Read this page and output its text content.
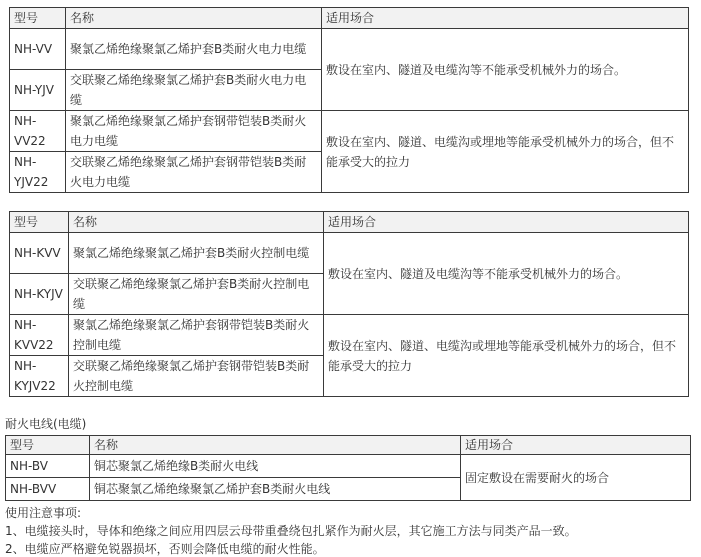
型号	名称	适用场合
NH-VV	聚氯乙烯绝缘聚氯乙烯护套B类耐火电力电缆	敷设在室内、隧道及电缆沟等不能承受机械外力的场合。
NH-YJV	交联聚乙烯绝缘聚氯乙烯护套B类耐火电力电缆	
NH-VV22	聚氯乙烯绝缘聚氯乙烯护套钢带铠装B类耐火电力电缆	敷设在室内、隧道、电缆沟或埋地等能承受机械外力的场合，但不能承受大的拉力
NH-YJV22	交联聚乙烯绝缘聚氯乙烯护套钢带铠装B类耐火电力电缆	
型号	名称	适用场合
NH-KVV	聚氯乙烯绝缘聚氯乙烯护套B类耐火控制电缆	敷设在室内、隧道及电缆沟等不能承受机械外力的场合。
NH-KYJV	交联聚乙烯绝缘聚氯乙烯护套B类耐火控制电缆	
NH-KVV22	聚氯乙烯绝缘聚氯乙烯护套钢带铠装B类耐火控制电缆	敷设在室内、隧道、电缆沟或埋地等能承受机械外力的场合，但不能承受大的拉力
NH-KYJV22	交联聚乙烯绝缘聚氯乙烯护套钢带铠装B类耐火控制电缆	
耐火电线(电缆)
型号	名称	适用场合
NH-BV	铜芯聚氯乙烯绝缘B类耐火电线	固定敷设在需要耐火的场合
NH-BVV	铜芯聚氯乙烯绝缘聚氯乙烯护套B类耐火电线	
使用注意事项:
1、电缆接头时，导体和绝缘之间应用四层云母带重叠绕包扎紧作为耐火层，其它施工方法与同类产品一致。
2、电缆应严格避免锐器损坏，否则会降低电缆的耐火性能。
